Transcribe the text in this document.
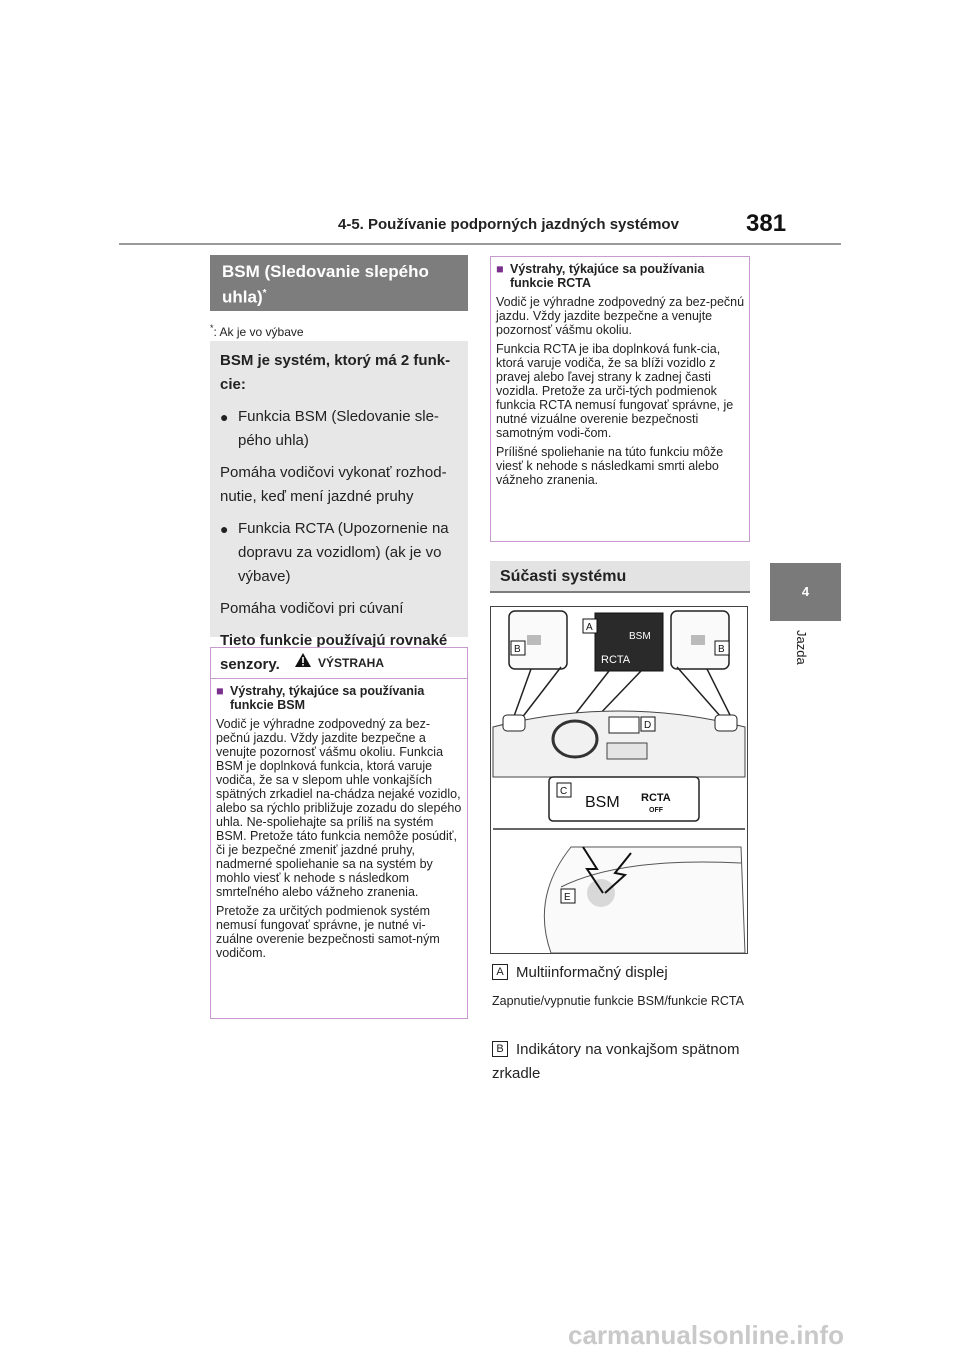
4-5. Používanie podporných jazdných systémov	381
4
Jazda
BSM (Sledovanie slepého uhla)*
*: Ak je vo výbave

BSM je systém, ktorý má 2 funk-cie:

● Funkcia BSM (Sledovanie sle-pého uhla)

Pomáha vodičovi vykonať rozhod-nutie, keď mení jazdné pruhy

● Funkcia RCTA (Upozornenie na dopravu za vozidlom) (ak je vo výbave)

Pomáha vodičovi pri cúvaní

Tieto funkcie používajú rovnaké senzory.	VÝSTRAHA

■ Výstrahy, týkajúce sa používania funkcie BSM

Vodič je výhradne zodpovedný za bez-pečnú jazdu. Vždy jazdite bezpečne a venujte pozornosť vášmu okoliu. Funkcia BSM je doplnková funkcia, ktorá varuje vodiča, že sa v slepom uhle vonkajších spätných zrkadiel na-chádza nejaké vozidlo, alebo sa rýchlo približuje zozadu do slepého uhla. Ne-spoliehajte sa príliš na systém BSM. Pretože táto funkcia nemôže posúdiť, či je bezpečné zmeniť jazdné pruhy, nadmerné spoliehanie sa na systém by mohlo viesť k nehode s následkom smrteľného alebo vážneho zranenia.

Pretože za určitých podmienok systém nemusí fungovať správne, je nutné vi-zuálne overenie bezpečnosti samot-ným vodičom.

■ Výstrahy, týkajúce sa používania funkcie RCTA

Vodič je výhradne zodpovedný za bez-pečnú jazdu. Vždy jazdite bezpečne a venujte pozornosť vášmu okoliu.

Funkcia RCTA je iba doplnková funk-cia, ktorá varuje vodiča, že sa blíži vozidlo z pravej alebo ľavej strany k zadnej časti vozidla. Pretože za urči-tých podmienok funkcia RCTA nemusí fungovať správne, je nutné vizuálne overenie bezpečnosti samotným vodi-čom.

Prílišné spoliehanie na túto funkciu môže viesť k nehode s následkami smrti alebo vážneho zranenia.

Súčasti systému
BSM
RCTA
BSM RCTA
OFF
A
B	B
C
D
E
A Multiinformačný displej
Zapnutie/vypnutie funkcie BSM/funkcie RCTA
B Indikátory na vonkajšom spätnom zrkadle
carmanualsonline.info
